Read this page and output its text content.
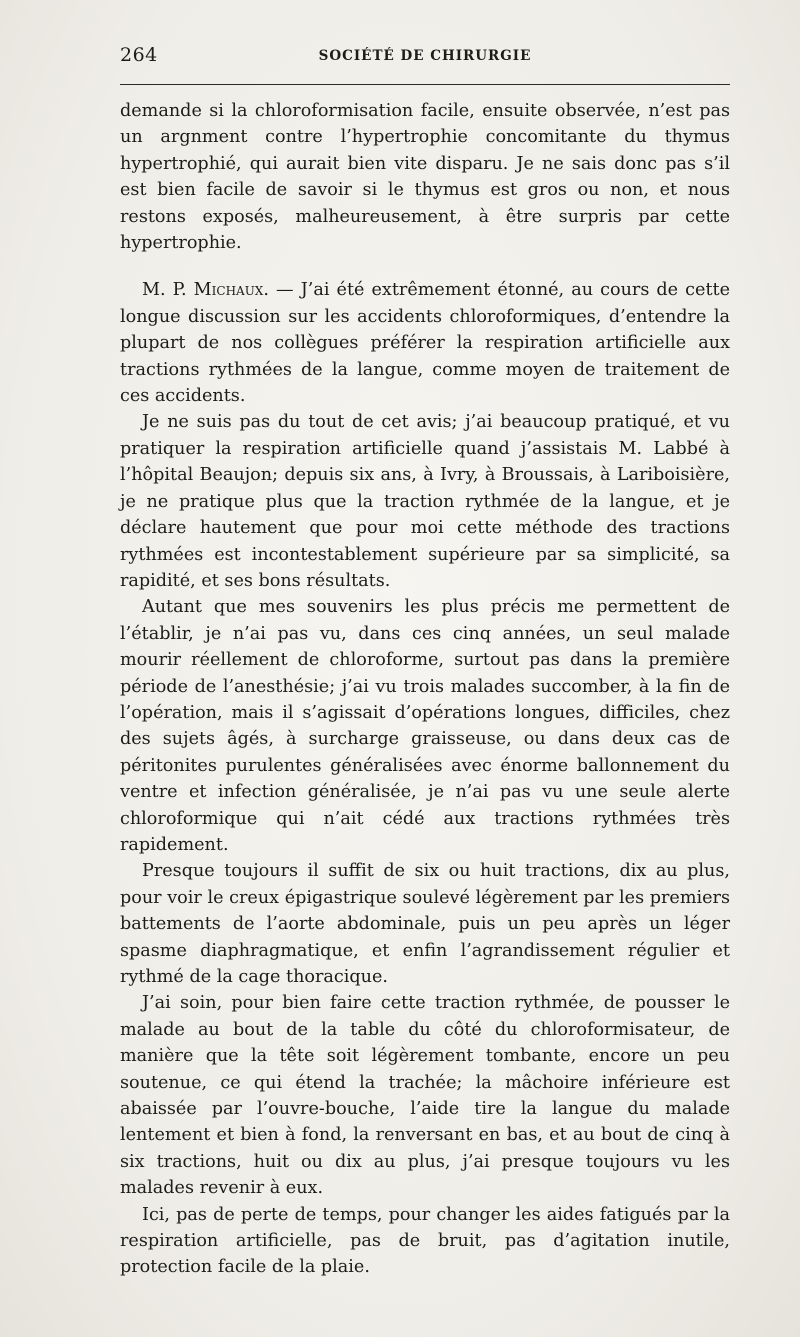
264	SOCIÉTÉ DE CHIRURGIE

demande si la chloroformisation facile, ensuite observée, n’est pas un argnment contre l’hypertrophie concomitante du thymus hypertrophié, qui aurait bien vite disparu. Je ne sais donc pas s’il est bien facile de savoir si le thymus est gros ou non, et nous restons exposés, malheureusement, à être surpris par cette hypertrophie.

M. P. Michaux. — J’ai été extrêmement étonné, au cours de cette longue discussion sur les accidents chloroformiques, d’entendre la plupart de nos collègues préférer la respiration artificielle aux tractions rythmées de la langue, comme moyen de traitement de ces accidents.

Je ne suis pas du tout de cet avis; j’ai beaucoup pratiqué, et vu pratiquer la respiration artificielle quand j’assistais M. Labbé à l’hôpital Beaujon; depuis six ans, à Ivry, à Broussais, à Lariboisière, je ne pratique plus que la traction rythmée de la langue, et je déclare hautement que pour moi cette méthode des tractions rythmées est incontestablement supérieure par sa simplicité, sa rapidité, et ses bons résultats.

Autant que mes souvenirs les plus précis me permettent de l’établir, je n’ai pas vu, dans ces cinq années, un seul malade mourir réellement de chloroforme, surtout pas dans la première période de l’anesthésie; j’ai vu trois malades succomber, à la fin de l’opération, mais il s’agissait d’opérations longues, difficiles, chez des sujets âgés, à surcharge graisseuse, ou dans deux cas de péritonites purulentes généralisées avec énorme ballonnement du ventre et infection généralisée, je n’ai pas vu une seule alerte chloroformique qui n’ait cédé aux tractions rythmées très rapidement.

Presque toujours il suffit de six ou huit tractions, dix au plus, pour voir le creux épigastrique soulevé légèrement par les premiers battements de l’aorte abdominale, puis un peu après un léger spasme diaphragmatique, et enfin l’agrandissement régulier et rythmé de la cage thoracique.

J’ai soin, pour bien faire cette traction rythmée, de pousser le malade au bout de la table du côté du chloroformisateur, de manière que la tête soit légèrement tombante, encore un peu soutenue, ce qui étend la trachée; la mâchoire inférieure est abaissée par l’ouvre-bouche, l’aide tire la langue du malade lentement et bien à fond, la renversant en bas, et au bout de cinq à six tractions, huit ou dix au plus, j’ai presque toujours vu les malades revenir à eux.

Ici, pas de perte de temps, pour changer les aides fatigués par la respiration artificielle, pas de bruit, pas d’agitation inutile, protection facile de la plaie.
